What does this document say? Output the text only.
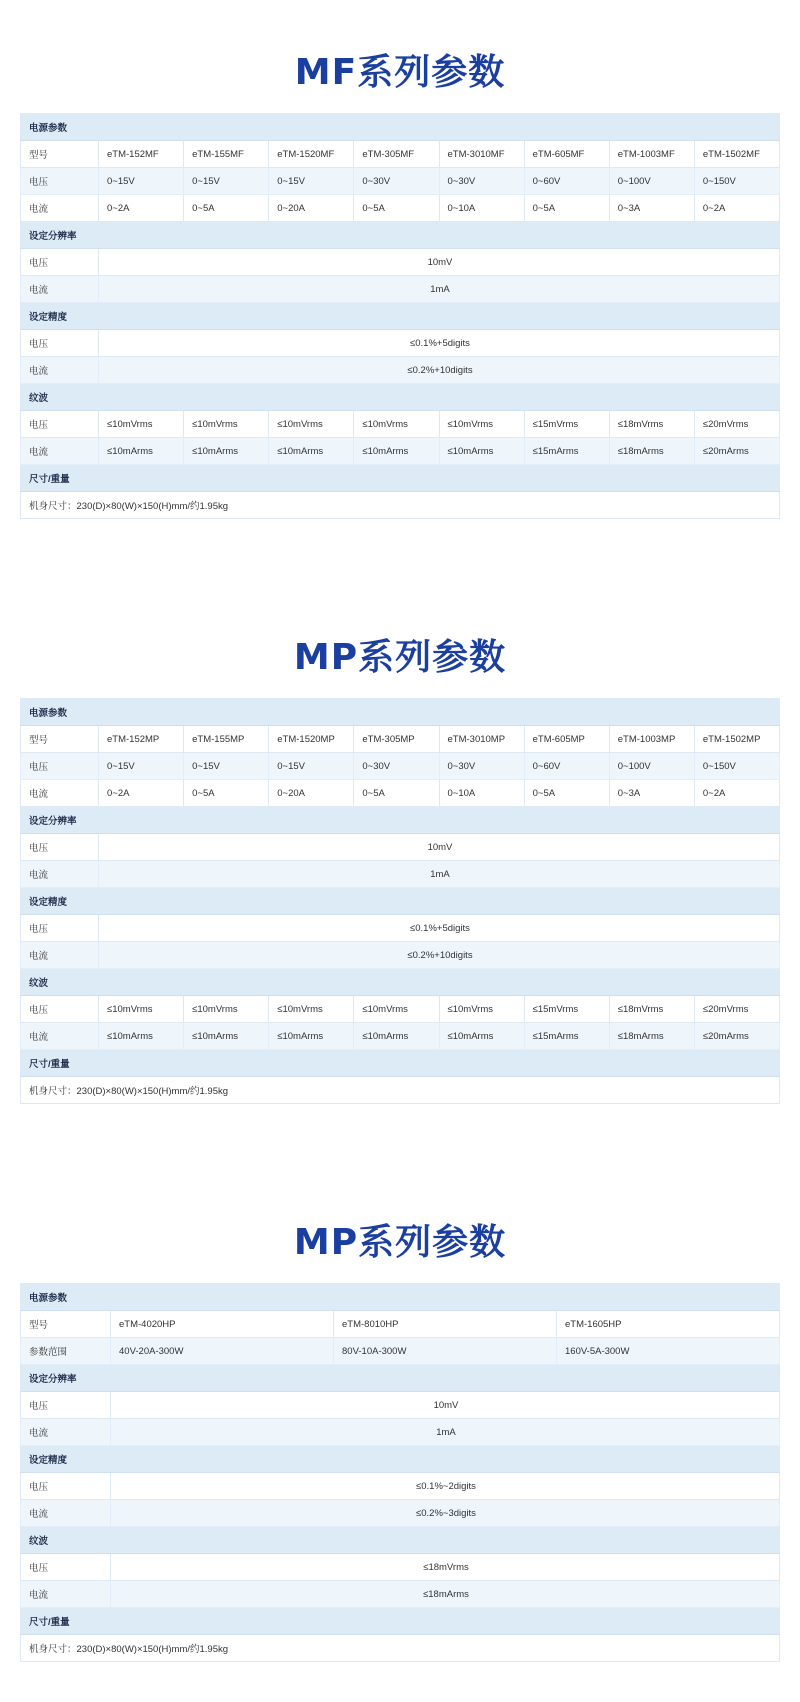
MF系列参数
电源参数								
型号	eTM-152MF	eTM-155MF	eTM-1520MF	eTM-305MF	eTM-3010MF	eTM-605MF	eTM-1003MF	eTM-1502MF
电压	0~15V	0~15V	0~15V	0~30V	0~30V	0~60V	0~100V	0~150V
电流	0~2A	0~5A	0~20A	0~5A	0~10A	0~5A	0~3A	0~2A
设定分辨率								
电压	10mV							
电流	1mA							
设定精度								
电压	≤0.1%+5digits							
电流	≤0.2%+10digits							
纹波								
电压	≤10mVrms	≤10mVrms	≤10mVrms	≤10mVrms	≤10mVrms	≤15mVrms	≤18mVrms	≤20mVrms
电流	≤10mArms	≤10mArms	≤10mArms	≤10mArms	≤10mArms	≤15mArms	≤18mArms	≤20mArms
尺寸/重量								
机身尺寸：230(D)×80(W)×150(H)mm/约1.95kg								
MP系列参数
电源参数								
型号	eTM-152MP	eTM-155MP	eTM-1520MP	eTM-305MP	eTM-3010MP	eTM-605MP	eTM-1003MP	eTM-1502MP
电压	0~15V	0~15V	0~15V	0~30V	0~30V	0~60V	0~100V	0~150V
电流	0~2A	0~5A	0~20A	0~5A	0~10A	0~5A	0~3A	0~2A
设定分辨率								
电压	10mV							
电流	1mA							
设定精度								
电压	≤0.1%+5digits							
电流	≤0.2%+10digits							
纹波								
电压	≤10mVrms	≤10mVrms	≤10mVrms	≤10mVrms	≤10mVrms	≤15mVrms	≤18mVrms	≤20mVrms
电流	≤10mArms	≤10mArms	≤10mArms	≤10mArms	≤10mArms	≤15mArms	≤18mArms	≤20mArms
尺寸/重量								
机身尺寸：230(D)×80(W)×150(H)mm/约1.95kg								
MP系列参数
电源参数			
型号	eTM-4020HP	eTM-8010HP	eTM-1605HP
参数范围	40V-20A-300W	80V-10A-300W	160V-5A-300W
设定分辨率			
电压	10mV		
电流	1mA		
设定精度			
电压	≤0.1%~2digits		
电流	≤0.2%~3digits		
纹波			
电压	≤18mVrms		
电流	≤18mArms		
尺寸/重量			
机身尺寸：230(D)×80(W)×150(H)mm/约1.95kg			
